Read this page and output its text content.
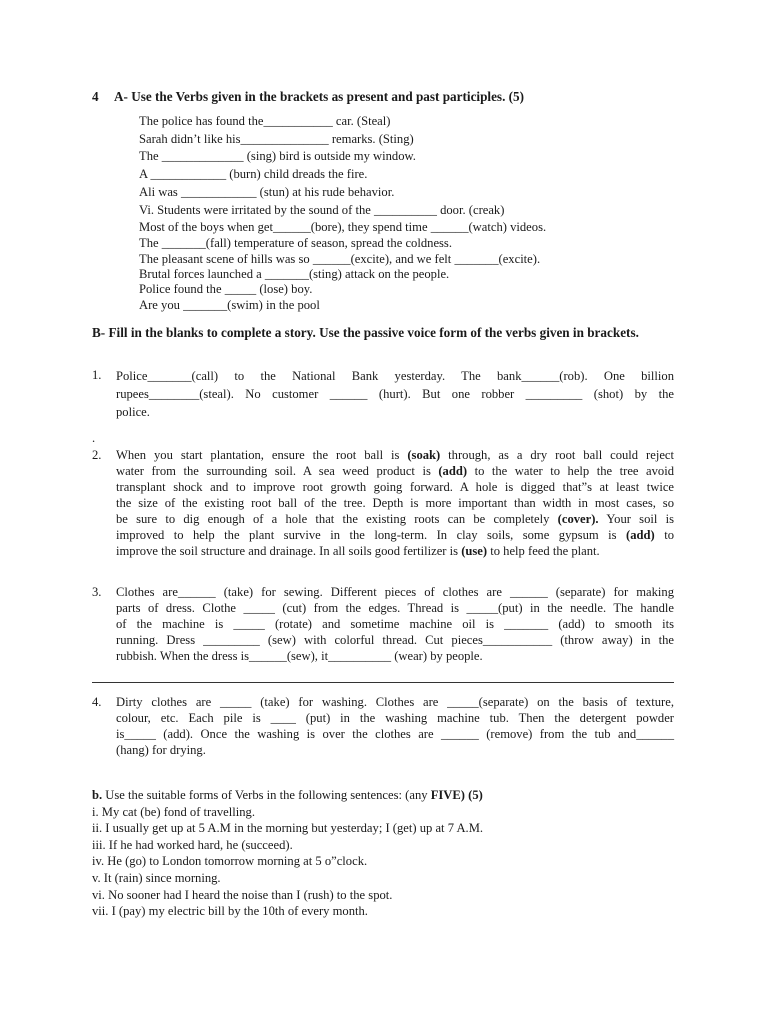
4 A- Use the Verbs given in the brackets as present and past participles. (5)
The police has found the___________ car. (Steal)
Sarah didn’t like his______________ remarks. (Sting)
The _____________ (sing) bird is outside my window.
A ____________ (burn) child dreads the fire.
Ali was ____________ (stun) at his rude behavior.
Vi. Students were irritated by the sound of the __________ door. (creak)
Most of the boys when get______(bore), they spend time ______(watch) videos.
The _______(fall) temperature of season, spread the coldness.
The pleasant scene of hills was so ______(excite), and we felt _______(excite).
Brutal forces launched a _______(sting) attack on the people.
Police found the _____ (lose) boy.
Are you _______(swim) in the pool
B- Fill in the blanks to complete a story. Use the passive voice form of the verbs given in brackets.
1. Police_______(call) to the National Bank yesterday. The bank______(rob). One billion
rupees________(steal). No customer ______ (hurt). But one robber _________ (shot) by the
police.
.
2. When you start plantation, ensure the root ball is (soak) through, as a dry root ball could reject
water from the surrounding soil. A sea weed product is (add) to the water to help the tree avoid
transplant shock and to improve root growth going forward. A hole is digged that”s at least twice
the size of the existing root ball of the tree. Depth is more important than width in most cases, so
be sure to dig enough of a hole that the existing roots can be completely (cover). Your soil is
improved to help the plant survive in the long-term. In clay soils, some gypsum is (add) to
improve the soil structure and drainage. In all soils good fertilizer is (use) to help feed the plant.
3. Clothes are______ (take) for sewing. Different pieces of clothes are ______ (separate) for making
parts of dress. Clothe _____ (cut) from the edges. Thread is _____(put) in the needle. The handle
of the machine is _____ (rotate) and sometime machine oil is _______ (add) to smooth its
running. Dress _________ (sew) with colorful thread. Cut pieces___________ (throw away) in the
rubbish. When the dress is______(sew), it__________ (wear) by people.
4. Dirty clothes are _____ (take) for washing. Clothes are _____(separate) on the basis of texture,
colour, etc. Each pile is ____ (put) in the washing machine tub. Then the detergent powder
is_____ (add). Once the washing is over the clothes are ______ (remove) from the tub and______
(hang) for drying.
b. Use the suitable forms of Verbs in the following sentences: (any FIVE) (5)
i. My cat (be) fond of travelling.
ii. I usually get up at 5 A.M in the morning but yesterday; I (get) up at 7 A.M.
iii. If he had worked hard, he (succeed).
iv. He (go) to London tomorrow morning at 5 o”clock.
v. It (rain) since morning.
vi. No sooner had I heard the noise than I (rush) to the spot.
vii. I (pay) my electric bill by the 10th of every month.
